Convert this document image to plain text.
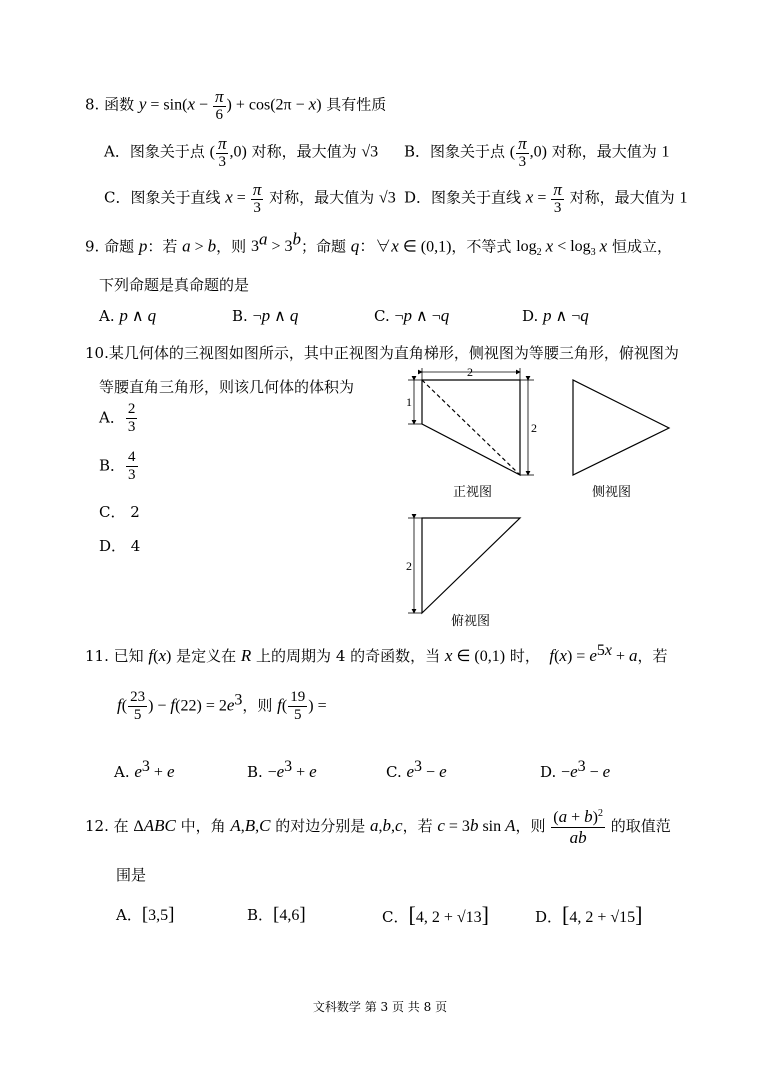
8. 函数 $y = \sin(x - \frac{\pi}{6}$ ) + cos(2π − x) 具有性质
A．图象关于点 ( $\frac{\pi}{3} ,0$) 对称，最大值为 √3 B．图象关于点 ( $\frac{\pi}{3} ,0$) 对称，最大值为 1
C．图象关于直线 $x = \frac{\pi}{3}$ 对称，最大值为 √3 D．图象关于直线 $x = \frac{\pi}{3}$ 对称，最大值为 1
9. 命题 p：若 a > b，则 $3^a > 3^b$；命题 q：∀x ∈ (0,1)，不等式 $\log_2 x < \log_3 x$ 恒成立，
下列命题是真命题的是
A. p ∧ q	B. ¬p ∧ q	C. ¬p ∧ ¬q	D. p ∧ ¬q
10.某几何体的三视图如图所示，其中正视图为直角梯形，侧视图为等腰三角形，俯视图为
等腰直角三角形，则该几何体的体积为
A． $\frac{2}{3}$
B． $\frac{4}{3}$
C． 2
D． 4
2
1
2
2
正视图	侧视图
俯视图
11. 已知 f(x) 是定义在 R 上的周期为 4 的奇函数，当 x ∈ (0,1) 时，  $f(x) = e^{5x} + a$，若
$f( \frac{23}{5}$ ) − $f(22) = 2e^3$，则 $f( \frac{19}{5}$ ) =
A. $e^3 + e$	B. $-e^3 + e$	C. $e^3 - e$	D. $-e^3 - e$
12. 在 ΔABC 中，角 A,B,C 的对边分别是 a,b,c，若 c = 3b sin A，则 $\frac{(a + b)^2}{ab}$ 的取值范
围是
A．[3,5]	B．[4,6]	C．[4, 2 + √13]	D．[4, 2 + √15]
文科数学 第 3 页 共 8 页
